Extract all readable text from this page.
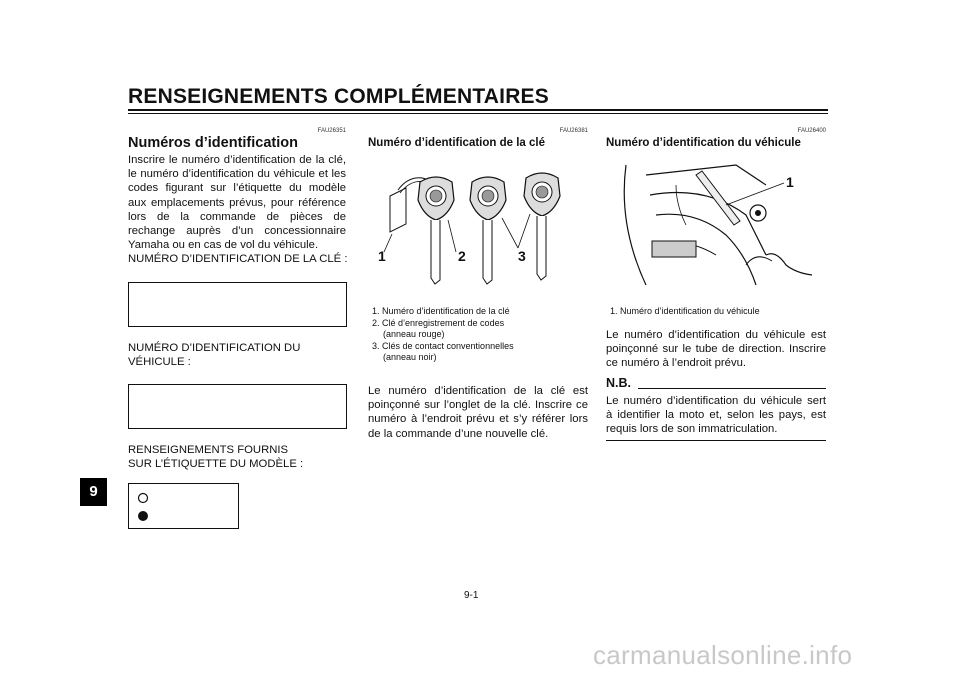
RENSEIGNEMENTS COMPLÉMENTAIRES
9
FAU26351
Numéros d’identification
Inscrire le numéro d’identification de la clé, le numéro d’identification du véhicule et les codes figurant sur l’étiquette du modèle aux emplacements prévus, pour référence lors de la commande de pièces de rechange auprès d’un concessionnaire Yamaha ou en cas de vol du véhicule.
NUMÉRO D’IDENTIFICATION DE LA CLÉ :
NUMÉRO D’IDENTIFICATION DU
VÉHICULE :
RENSEIGNEMENTS FOURNIS
SUR L’ÉTIQUETTE DU MODÈLE :
FAU26381
Numéro d’identification de la clé
1	2	3
1. Numéro d’identification de la clé
2. Clé d’enregistrement de codes
(anneau rouge)
3. Clés de contact conventionnelles
(anneau noir)
Le numéro d’identification de la clé est poinçonné sur l’onglet de la clé. Inscrire ce numéro à l’endroit prévu et s’y référer lors de la commande d’une nouvelle clé.
FAU26400
Numéro d’identification du véhicule
1
1. Numéro d’identification du véhicule
Le numéro d’identification du véhicule est poinçonné sur le tube de direction. Inscrire ce numéro à l’endroit prévu.
N.B.
Le numéro d’identification du véhicule sert à identifier la moto et, selon les pays, est requis lors de son immatriculation.
9-1
carmanualsonline.info
